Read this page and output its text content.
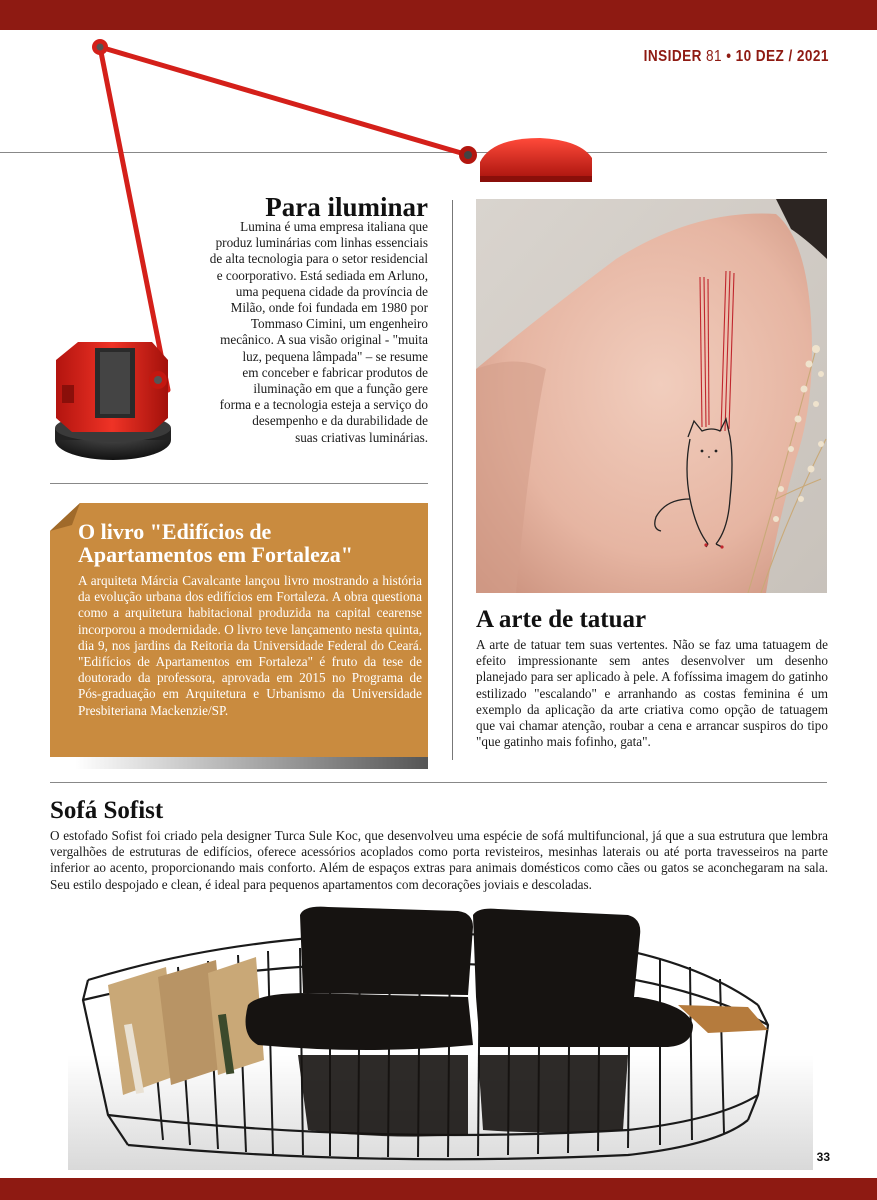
INSIDER 81 • 10 DEZ / 2021
Para iluminar
Lumina é uma empresa italiana que
produz luminárias com linhas essenciais
de alta tecnologia para o setor residencial
e coorporativo. Está sediada em Arluno,
uma pequena cidade da província de
Milão, onde foi fundada em 1980 por
Tommaso Cimini, um engenheiro
mecânico. A sua visão original - "muita
luz, pequena lâmpada" – se resume
em conceber e fabricar produtos de
iluminação em que a função gere
forma e a tecnologia esteja a serviço do
desempenho e da durabilidade de
suas criativas luminárias.
O livro "Edifícios de
Apartamentos em Fortaleza"
A arquiteta Márcia Cavalcante lançou livro mostrando a história da evolução urbana dos edifícios em Fortaleza. A obra questiona como a arquitetura habitacional produzida na capital cearense incorporou a modernidade. O livro teve lançamento nesta quinta, dia 9, nos jardins da Reitoria da Universidade Federal do Ceará. "Edifícios de Apartamentos em Fortaleza" é fruto da tese de doutorado da professora, aprovada em 2015 no Programa de Pós-graduação em Arquitetura e Urbanismo da Universidade Presbiteriana Mackenzie/SP.
A arte de tatuar
A arte de tatuar tem suas vertentes. Não se faz uma tatuagem de efeito impressionante sem antes desenvolver um desenho planejado para ser aplicado à pele. A fofíssima imagem do gatinho estilizado "escalando" e arranhando as costas feminina é um exemplo da aplicação da arte criativa como opção de tatuagem que vai chamar atenção, roubar a cena e arrancar suspiros do tipo "que gatinho mais fofinho, gata".
Sofá Sofist
O estofado Sofist foi criado pela designer Turca Sule Koc, que desenvolveu uma espécie de sofá multifuncional, já que a sua estrutura que lembra vergalhões de estruturas de edifícios, oferece acessórios acoplados como porta revisteiros, mesinhas laterais ou até porta travesseiros na parte inferior ao acento, proporcionando mais conforto. Além de espaços extras para animais domésticos como cães ou gatos se aconchegaram na sala. Seu estilo despojado e clean, é ideal para pequenos apartamentos com decorações joviais e descoladas.
33
